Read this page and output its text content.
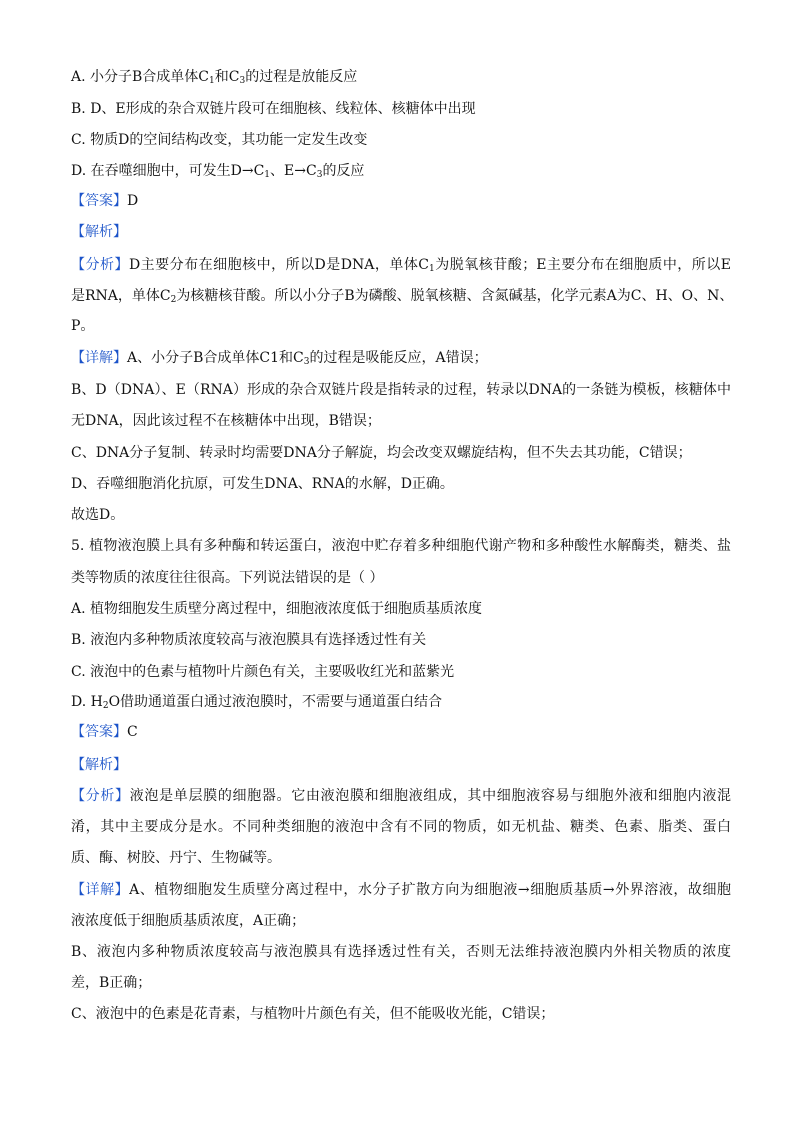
A. 小分子B合成单体$C_1$和$C_3$的过程是放能反应
B. D、E形成的杂合双链片段可在细胞核、线粒体、核糖体中出现
C. 物质D的空间结构改变，其功能一定发生改变
D. 在吞噬细胞中，可发生$D\to C_1$、$E\to C_3$的反应
【答案】D
【解析】
【分析】D主要分布在细胞核中，所以D是DNA，单体$C_1$为脱氧核苷酸；E主要分布在细胞质中，所以E
是RNA，单体$C_2$为核糖核苷酸。所以小分子B为磷酸、脱氧核糖、含氮碱基，化学元素A为C、H、O、N、
P。
【详解】A、小分子B合成单体C1和$C_3$的过程是吸能反应，A错误；
B、D（DNA）、E（RNA）形成的杂合双链片段是指转录的过程，转录以DNA的一条链为模板，核糖体中
无DNA，因此该过程不在核糖体中出现，B错误；
C、DNA分子复制、转录时均需要DNA分子解旋，均会改变双螺旋结构，但不失去其功能，C错误；
D、吞噬细胞消化抗原，可发生DNA、RNA的水解，D正确。
故选D。
5. 植物液泡膜上具有多种酶和转运蛋白，液泡中贮存着多种细胞代谢产物和多种酸性水解酶类，糖类、盐
类等物质的浓度往往很高。下列说法错误的是（ ）
A. 植物细胞发生质壁分离过程中，细胞液浓度低于细胞质基质浓度
B. 液泡内多种物质浓度较高与液泡膜具有选择透过性有关
C. 液泡中的色素与植物叶片颜色有关，主要吸收红光和蓝紫光
D. $H_2O$借助通道蛋白通过液泡膜时，不需要与通道蛋白结合
【答案】C
【解析】
【分析】液泡是单层膜的细胞器。它由液泡膜和细胞液组成，其中细胞液容易与细胞外液和细胞内液混
淆，其中主要成分是水。不同种类细胞的液泡中含有不同的物质，如无机盐、糖类、色素、脂类、蛋白
质、酶、树胶、丹宁、生物碱等。
【详解】A、植物细胞发生质壁分离过程中，水分子扩散方向为细胞液→细胞质基质→外界溶液，故细胞
液浓度低于细胞质基质浓度，A正确；
B、液泡内多种物质浓度较高与液泡膜具有选择透过性有关，否则无法维持液泡膜内外相关物质的浓度
差，B正确；
C、液泡中的色素是花青素，与植物叶片颜色有关，但不能吸收光能，C错误；
